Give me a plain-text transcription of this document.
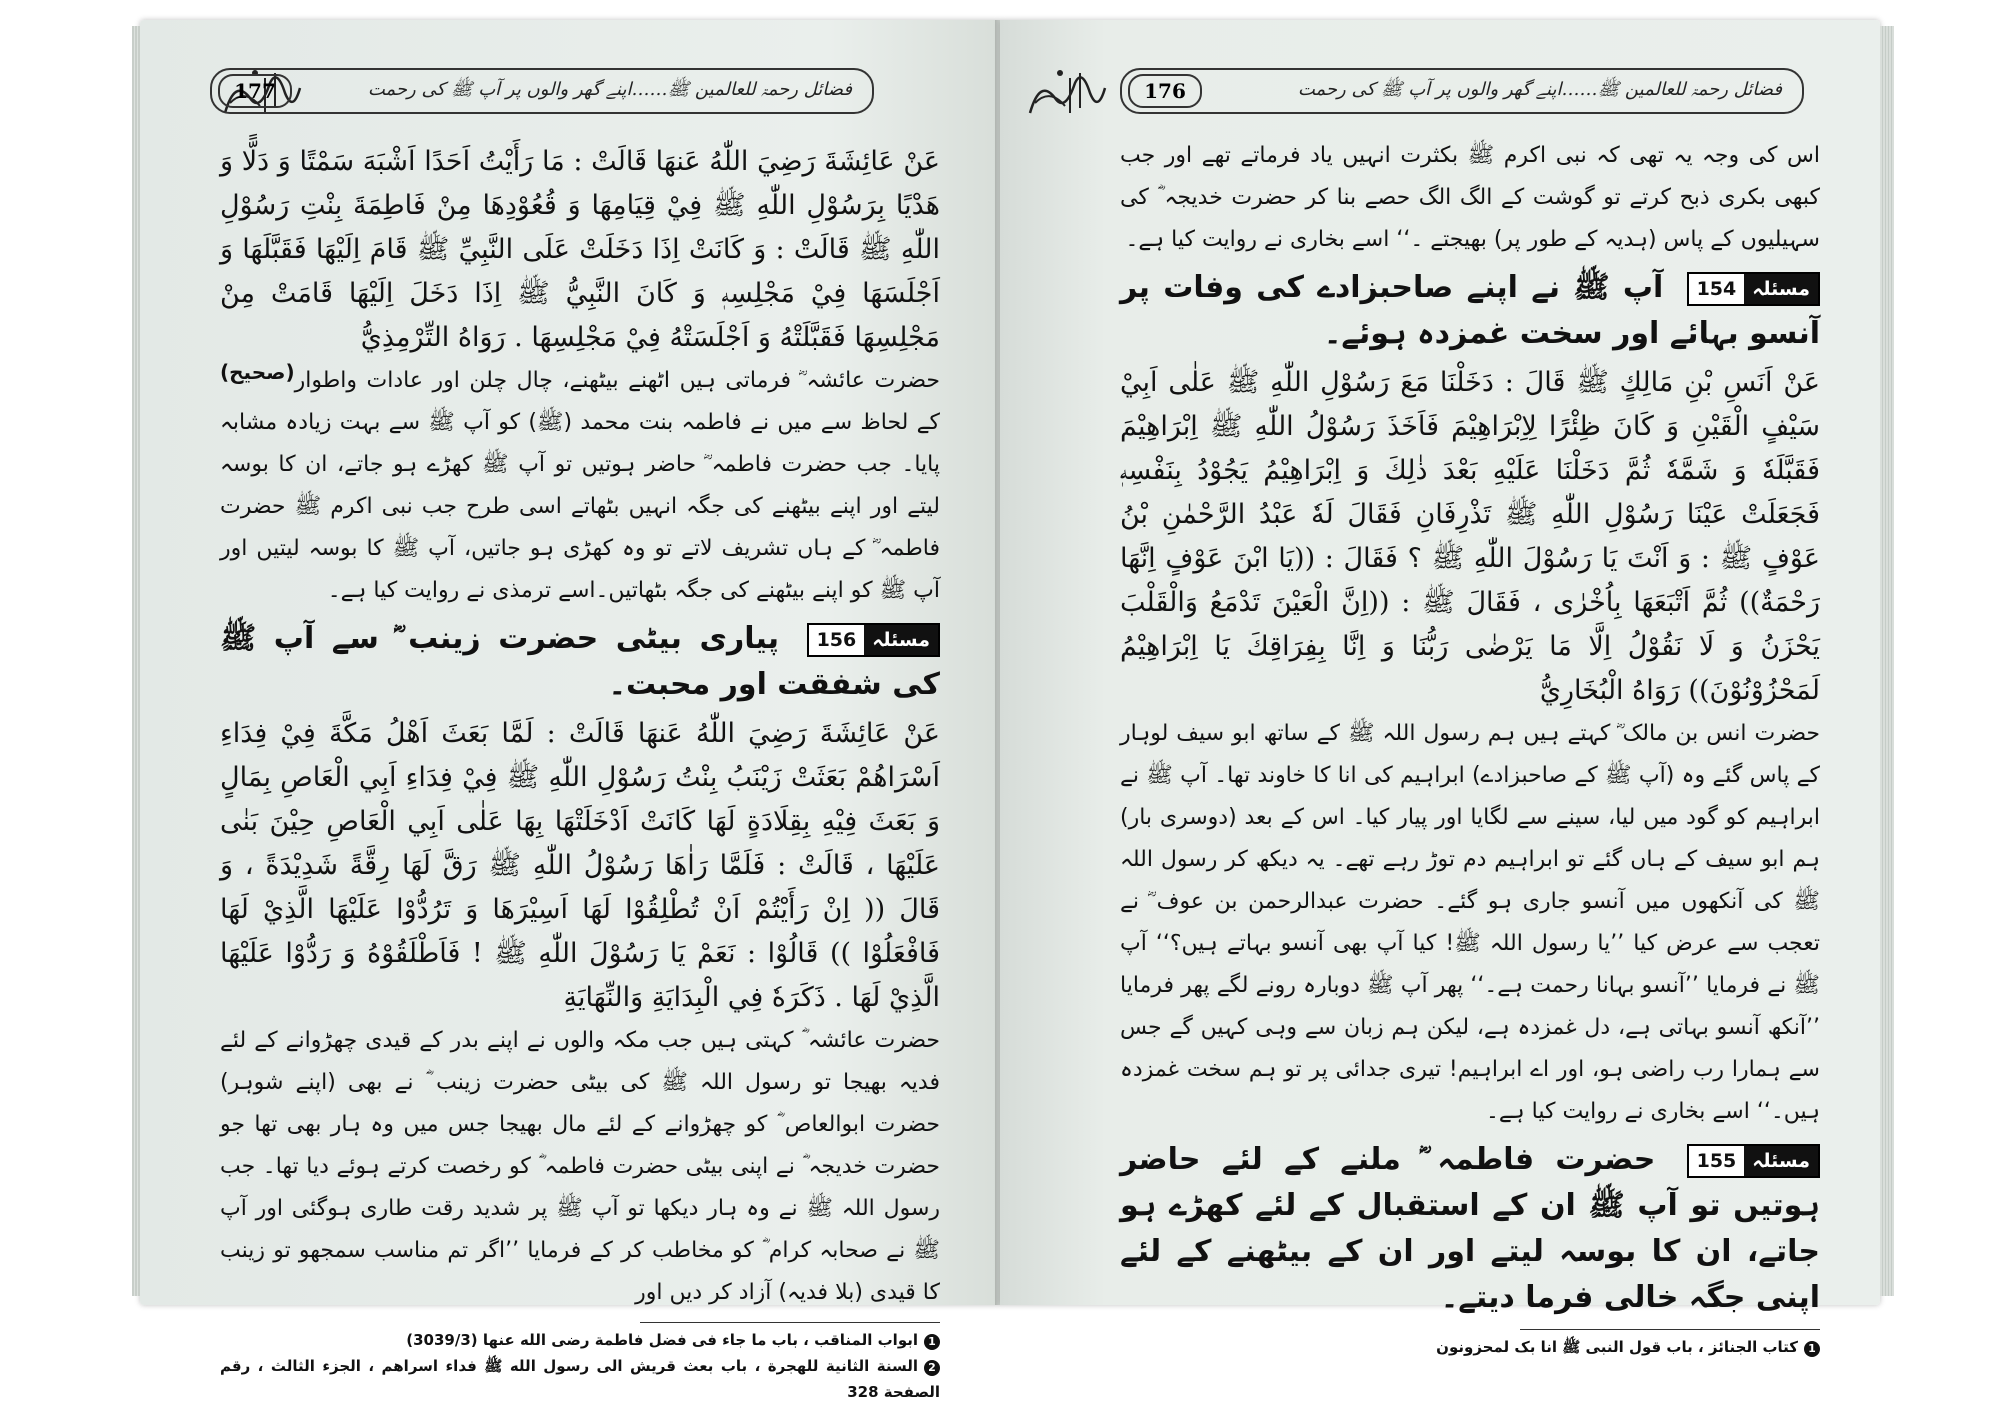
فضائل رحمۃ للعالمین ﷺ……اپنے گھر والوں پر آپ ﷺ کی رحمت
177

عَنْ عَائِشَةَ رَضِيَ اللّٰهُ عَنهَا قَالَتْ : مَا رَأَيْتُ اَحَدًا اَشْبَهَ سَمْتًا وَ دَلًّا وَ هَدْيًا بِرَسُوْلِ اللّٰهِ ﷺ فِيْ قِيَامِهَا وَ قُعُوْدِهَا مِنْ فَاطِمَةَ بِنْتِ رَسُوْلِ اللّٰهِ ﷺ قَالَتْ : وَ كَانَتْ اِذَا دَخَلَتْ عَلَى النَّبِيِّ ﷺ قَامَ اِلَيْهَا فَقَبَّلَهَا وَ اَجْلَسَهَا فِيْ مَجْلِسِهٖ وَ كَانَ النَّبِيُّ ﷺ اِذَا دَخَلَ اِلَيْهَا قَامَتْ مِنْ مَجْلِسِهَا فَقَبَّلَتْهُ وَ اَجْلَسَتْهُ فِيْ مَجْلِسِهَا . رَوَاهُ التِّرْمِذِيُّ

(صحیح) حضرت عائشہ ؓ فرماتی ہیں اٹھنے بیٹھنے، چال چلن اور عادات واطوار کے لحاظ سے میں نے فاطمہ بنت محمد (ﷺ) کو آپ ﷺ سے بہت زیادہ مشابہ پایا۔ جب حضرت فاطمہ ؓ حاضر ہوتیں تو آپ ﷺ کھڑے ہو جاتے، ان کا بوسہ لیتے اور اپنے بیٹھنے کی جگہ انہیں بٹھاتے اسی طرح جب نبی اکرم ﷺ حضرت فاطمہ ؓ کے ہاں تشریف لاتے تو وہ کھڑی ہو جاتیں، آپ ﷺ کا بوسہ لیتیں اور آپ ﷺ کو اپنے بیٹھنے کی جگہ بٹھاتیں۔اسے ترمذی نے روایت کیا ہے۔

مسئلہ
156
پیاری بیٹی حضرت زینب ؓ سے آپ ﷺ کی شفقت اور محبت۔

عَنْ عَائِشَةَ رَضِيَ اللّٰهُ عَنهَا قَالَتْ : لَمَّا بَعَثَ اَهْلُ مَكَّةَ فِيْ فِدَاءِ اَسْرَاهُمْ بَعَثَتْ زَيْنَبُ بِنْتُ رَسُوْلِ اللّٰهِ ﷺ فِيْ فِدَاءِ اَبِي الْعَاصِ بِمَالٍ وَ بَعَثَ فِيْهِ بِقِلَادَةٍ لَهَا كَانَتْ اَدْخَلَتْهَا بِهَا عَلٰى اَبِي الْعَاصِ حِيْنَ بَنٰى عَلَيْهَا ، قَالَتْ : فَلَمَّا رَاٰهَا رَسُوْلُ اللّٰهِ ﷺ رَقَّ لَهَا رِقَّةً شَدِيْدَةً ، وَ قَالَ (( اِنْ رَأَيْتُمْ اَنْ تُطْلِقُوْا لَهَا اَسِيْرَهَا وَ تَرُدُّوْا عَلَيْهَا الَّذِيْ لَهَا فَافْعَلُوْا )) قَالُوْا : نَعَمْ يَا رَسُوْلَ اللّٰهِ ﷺ ! فَاَطْلَقُوْهُ وَ رَدُّوْا عَلَيْهَا الَّذِيْ لَهَا . ذَكَرَهٗ فِي الْبِدَايَةِ وَالنِّهَايَةِ

حضرت عائشہ ؓ کہتی ہیں جب مکہ والوں نے اپنے بدر کے قیدی چھڑوانے کے لئے فدیہ بھیجا تو رسول اللہ ﷺ کی بیٹی حضرت زینب ؓ نے بھی (اپنے شوہر) حضرت ابوالعاص ؓ کو چھڑوانے کے لئے مال بھیجا جس میں وہ ہار بھی تھا جو حضرت خدیجہ ؓ نے اپنی بیٹی حضرت فاطمہ ؓ کو رخصت کرتے ہوئے دیا تھا۔ جب رسول اللہ ﷺ نے وہ ہار دیکھا تو آپ ﷺ پر شدید رقت طاری ہوگئی اور آپ ﷺ نے صحابہ کرام ؓ کو مخاطب کر کے فرمایا ’’اگر تم مناسب سمجھو تو زینب کا قیدی (بلا فدیہ) آزاد کر دیں اور

1ابواب المناقب ، باب ما جاء فی فضل فاطمة رضی الله عنها (3039/3)

2السنة الثانية للهجرة ، باب بعث قريش الى رسول الله ﷺ فداء اسراهم ، الجزء الثالث ، رقم الصفحة 328

فضائل رحمۃ للعالمین ﷺ……اپنے گھر والوں پر آپ ﷺ کی رحمت
176

اس کی وجہ یہ تھی کہ نبی اکرم ﷺ بکثرت انہیں یاد فرماتے تھے اور جب کبھی بکری ذبح کرتے تو گوشت کے الگ الگ حصے بنا کر حضرت خدیجہ ؓ کی سہیلیوں کے پاس (ہدیہ کے طور پر) بھیجتے ۔‘‘ اسے بخاری نے روایت کیا ہے۔

مسئلہ
154
آپ ﷺ نے اپنے صاحبزادے کی وفات پر آنسو بہائے اور سخت غمزدہ ہوئے۔

عَنْ اَنَسِ بْنِ مَالِكٍ ﷺ قَالَ : دَخَلْنَا مَعَ رَسُوْلِ اللّٰهِ ﷺ عَلٰى اَبِيْ سَيْفٍ الْقَيْنِ وَ كَانَ ظِئْرًا لِاِبْرَاهِيْمَ فَاَخَذَ رَسُوْلُ اللّٰهِ ﷺ اِبْرَاهِيْمَ فَقَبَّلَهٗ وَ شَمَّهٗ ثُمَّ دَخَلْنَا عَلَيْهِ بَعْدَ ذٰلِكَ وَ اِبْرَاهِيْمُ يَجُوْدُ بِنَفْسِهٖ فَجَعَلَتْ عَيْنَا رَسُوْلِ اللّٰهِ ﷺ تَذْرِفَانِ فَقَالَ لَهٗ عَبْدُ الرَّحْمٰنِ بْنُ عَوْفٍ ﷺ : وَ اَنْتَ يَا رَسُوْلَ اللّٰهِ ﷺ ؟ فَقَالَ : ((يَا ابْنَ عَوْفٍ اِنَّهَا رَحْمَةٌ)) ثُمَّ اَتْبَعَهَا بِاُخْرٰى ، فَقَالَ ﷺ : ((اِنَّ الْعَيْنَ تَدْمَعُ وَالْقَلْبَ يَحْزَنُ وَ لَا نَقُوْلُ اِلَّا مَا يَرْضٰى رَبُّنَا وَ اِنَّا بِفِرَاقِكَ يَا اِبْرَاهِيْمُ لَمَحْزُوْنُوْنَ)) رَوَاهُ الْبُخَارِيُّ

حضرت انس بن مالک ؓ کہتے ہیں ہم رسول اللہ ﷺ کے ساتھ ابو سیف لوہار کے پاس گئے وہ (آپ ﷺ کے صاحبزادے) ابراہیم کی انا کا خاوند تھا۔ آپ ﷺ نے ابراہیم کو گود میں لیا، سینے سے لگایا اور پیار کیا۔ اس کے بعد (دوسری بار) ہم ابو سیف کے ہاں گئے تو ابراہیم دم توڑ رہے تھے۔ یہ دیکھ کر رسول اللہ ﷺ کی آنکھوں میں آنسو جاری ہو گئے۔ حضرت عبدالرحمن بن عوف ؓ نے تعجب سے عرض کیا ’’یا رسول اللہ ﷺ! کیا آپ بھی آنسو بہاتے ہیں؟‘‘ آپ ﷺ نے فرمایا ’’آنسو بہانا رحمت ہے۔‘‘ پھر آپ ﷺ دوبارہ رونے لگے پھر فرمایا ’’آنکھ آنسو بہاتی ہے، دل غمزدہ ہے، لیکن ہم زبان سے وہی کہیں گے جس سے ہمارا رب راضی ہو، اور اے ابراہیم! تیری جدائی پر تو ہم سخت غمزدہ ہیں۔‘‘ اسے بخاری نے روایت کیا ہے۔

مسئلہ
155
حضرت فاطمہ ؓ ملنے کے لئے حاضر ہوتیں تو آپ ﷺ ان کے استقبال کے لئے کھڑے ہو جاتے، ان کا بوسہ لیتے اور ان کے بیٹھنے کے لئے اپنی جگہ خالی فرما دیتے۔

1کتاب الجنائز ، باب قول النبی ﷺ انا بک لمحزونون
